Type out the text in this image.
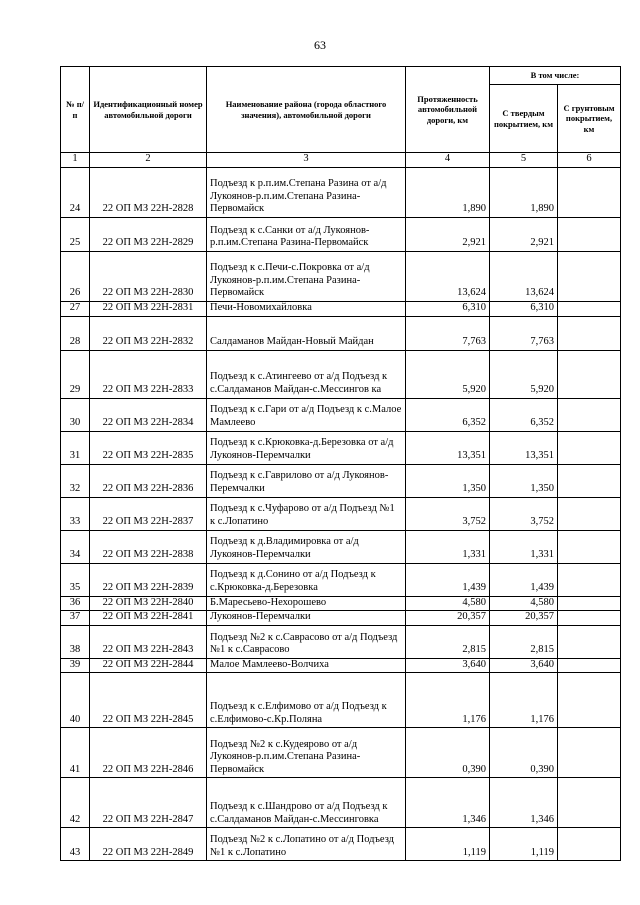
63
№ п/п	Идентификационный номер автомобильной дороги	Наименование района (города областного значения), автомобильной дороги	Протяженность автомобильной дороги, км	В том числе:	
				С твердым покрытием, км	С грунтовым покрытием, км
1	2	3	4	5	6
24	22 ОП МЗ 22Н-2828	Подъезд к р.п.им.Степана Разина от а/д Лукоянов-р.п.им.Степана Разина-Первомайск	1,890	1,890	
25	22 ОП МЗ 22Н-2829	Подъезд к с.Санки от а/д Лукоянов-р.п.им.Степана Разина-Первомайск	2,921	2,921	
26	22 ОП МЗ 22Н-2830	Подъезд к с.Печи-с.Покровка от а/д Лукоянов-р.п.им.Степана Разина-Первомайск	13,624	13,624	
27	22 ОП МЗ 22Н-2831	Печи-Новомихайловка	6,310	6,310	
28	22 ОП МЗ 22Н-2832	Салдаманов Майдан-Новый Майдан	7,763	7,763	
29	22 ОП МЗ 22Н-2833	Подъезд к с.Атингеево от а/д Подъезд к с.Салдаманов Майдан-с.Мессингов ка	5,920	5,920	
30	22 ОП МЗ 22Н-2834	Подъезд к с.Гари от а/д Подъезд к с.Малое Мамлеево	6,352	6,352	
31	22 ОП МЗ 22Н-2835	Подъезд к с.Крюковка-д.Березовка от а/д Лукоянов-Перемчалки	13,351	13,351	
32	22 ОП МЗ 22Н-2836	Подъезд к с.Гаврилово от а/д Лукоянов-Перемчалки	1,350	1,350	
33	22 ОП МЗ 22Н-2837	Подъезд к с.Чуфарово от а/д Подъезд №1 к с.Лопатино	3,752	3,752	
34	22 ОП МЗ 22Н-2838	Подъезд к д.Владимировка от а/д Лукоянов-Перемчалки	1,331	1,331	
35	22 ОП МЗ 22Н-2839	Подъезд к д.Сонино от а/д Подъезд к с.Крюковка-д.Березовка	1,439	1,439	
36	22 ОП МЗ 22Н-2840	Б.Маресьево-Нехорошево	4,580	4,580	
37	22 ОП МЗ 22Н-2841	Лукоянов-Перемчалки	20,357	20,357	
38	22 ОП МЗ 22Н-2843	Подъезд №2 к с.Саврасово от а/д Подъезд №1 к с.Саврасово	2,815	2,815	
39	22 ОП МЗ 22Н-2844	Малое Мамлеево-Волчиха	3,640	3,640	
40	22 ОП МЗ 22Н-2845	Подъезд к с.Елфимово от а/д Подъезд к с.Елфимово-с.Кр.Поляна	1,176	1,176	
41	22 ОП МЗ 22Н-2846	Подъезд №2 к с.Кудеярово от а/д Лукоянов-р.п.им.Степана Разина-Первомайск	0,390	0,390	
42	22 ОП МЗ 22Н-2847	Подъезд к с.Шандрово от а/д Подъезд к с.Салдаманов Майдан-с.Мессинговка	1,346	1,346	
43	22 ОП МЗ 22Н-2849	Подъезд №2 к с.Лопатино от а/д Подъезд №1 к с.Лопатино	1,119	1,119	
